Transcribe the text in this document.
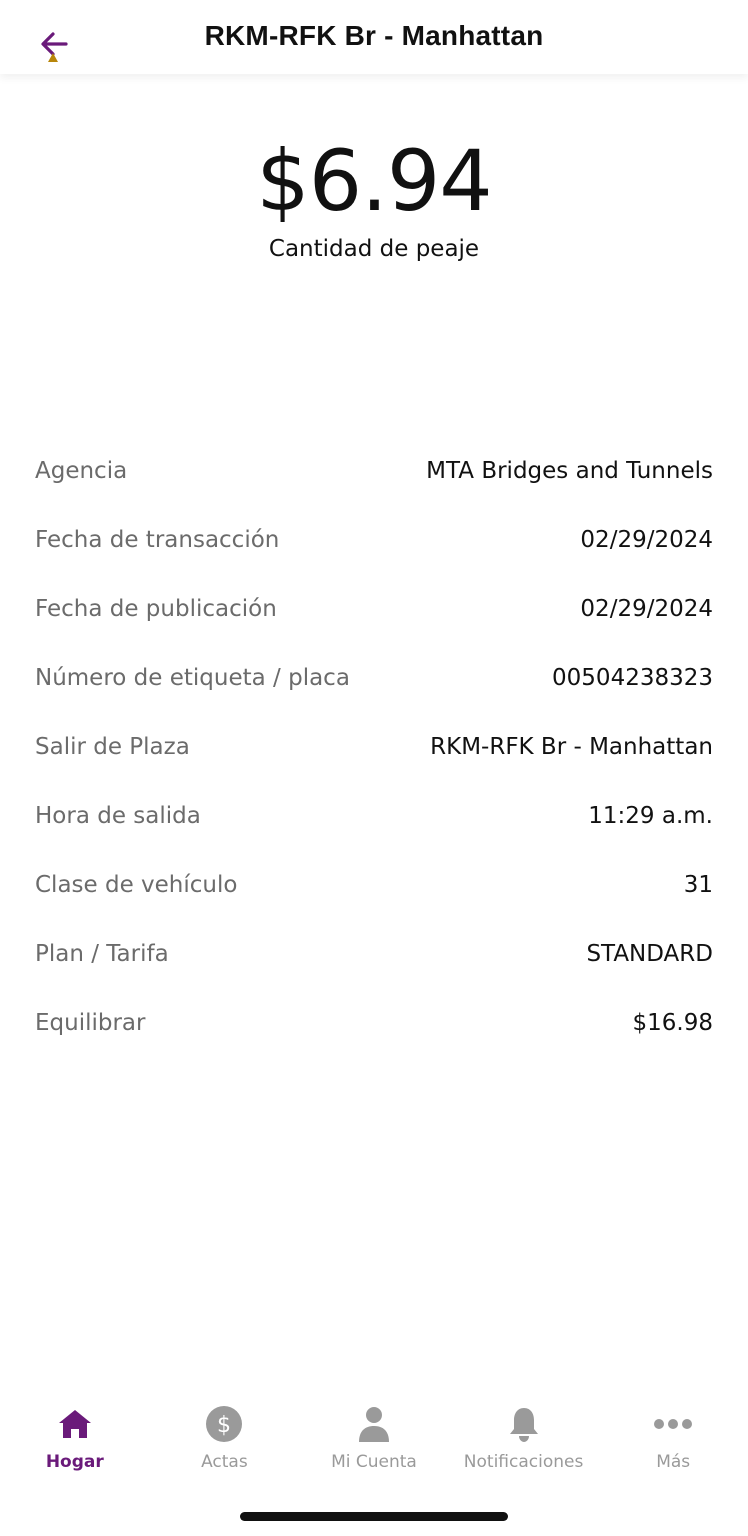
RKM-RFK Br - Manhattan
$6.94
Cantidad de peaje
Agencia	MTA Bridges and Tunnels
Fecha de transacción	02/29/2024
Fecha de publicación	02/29/2024
Número de etiqueta / placa	00504238323
Salir de Plaza	RKM-RFK Br - Manhattan
Hora de salida	11:29 a.m.
Clase de vehículo	31
Plan / Tarifa	STANDARD
Equilibrar	$16.98
Hogar
$
Actas	Mi Cuenta	Notificaciones	Más
